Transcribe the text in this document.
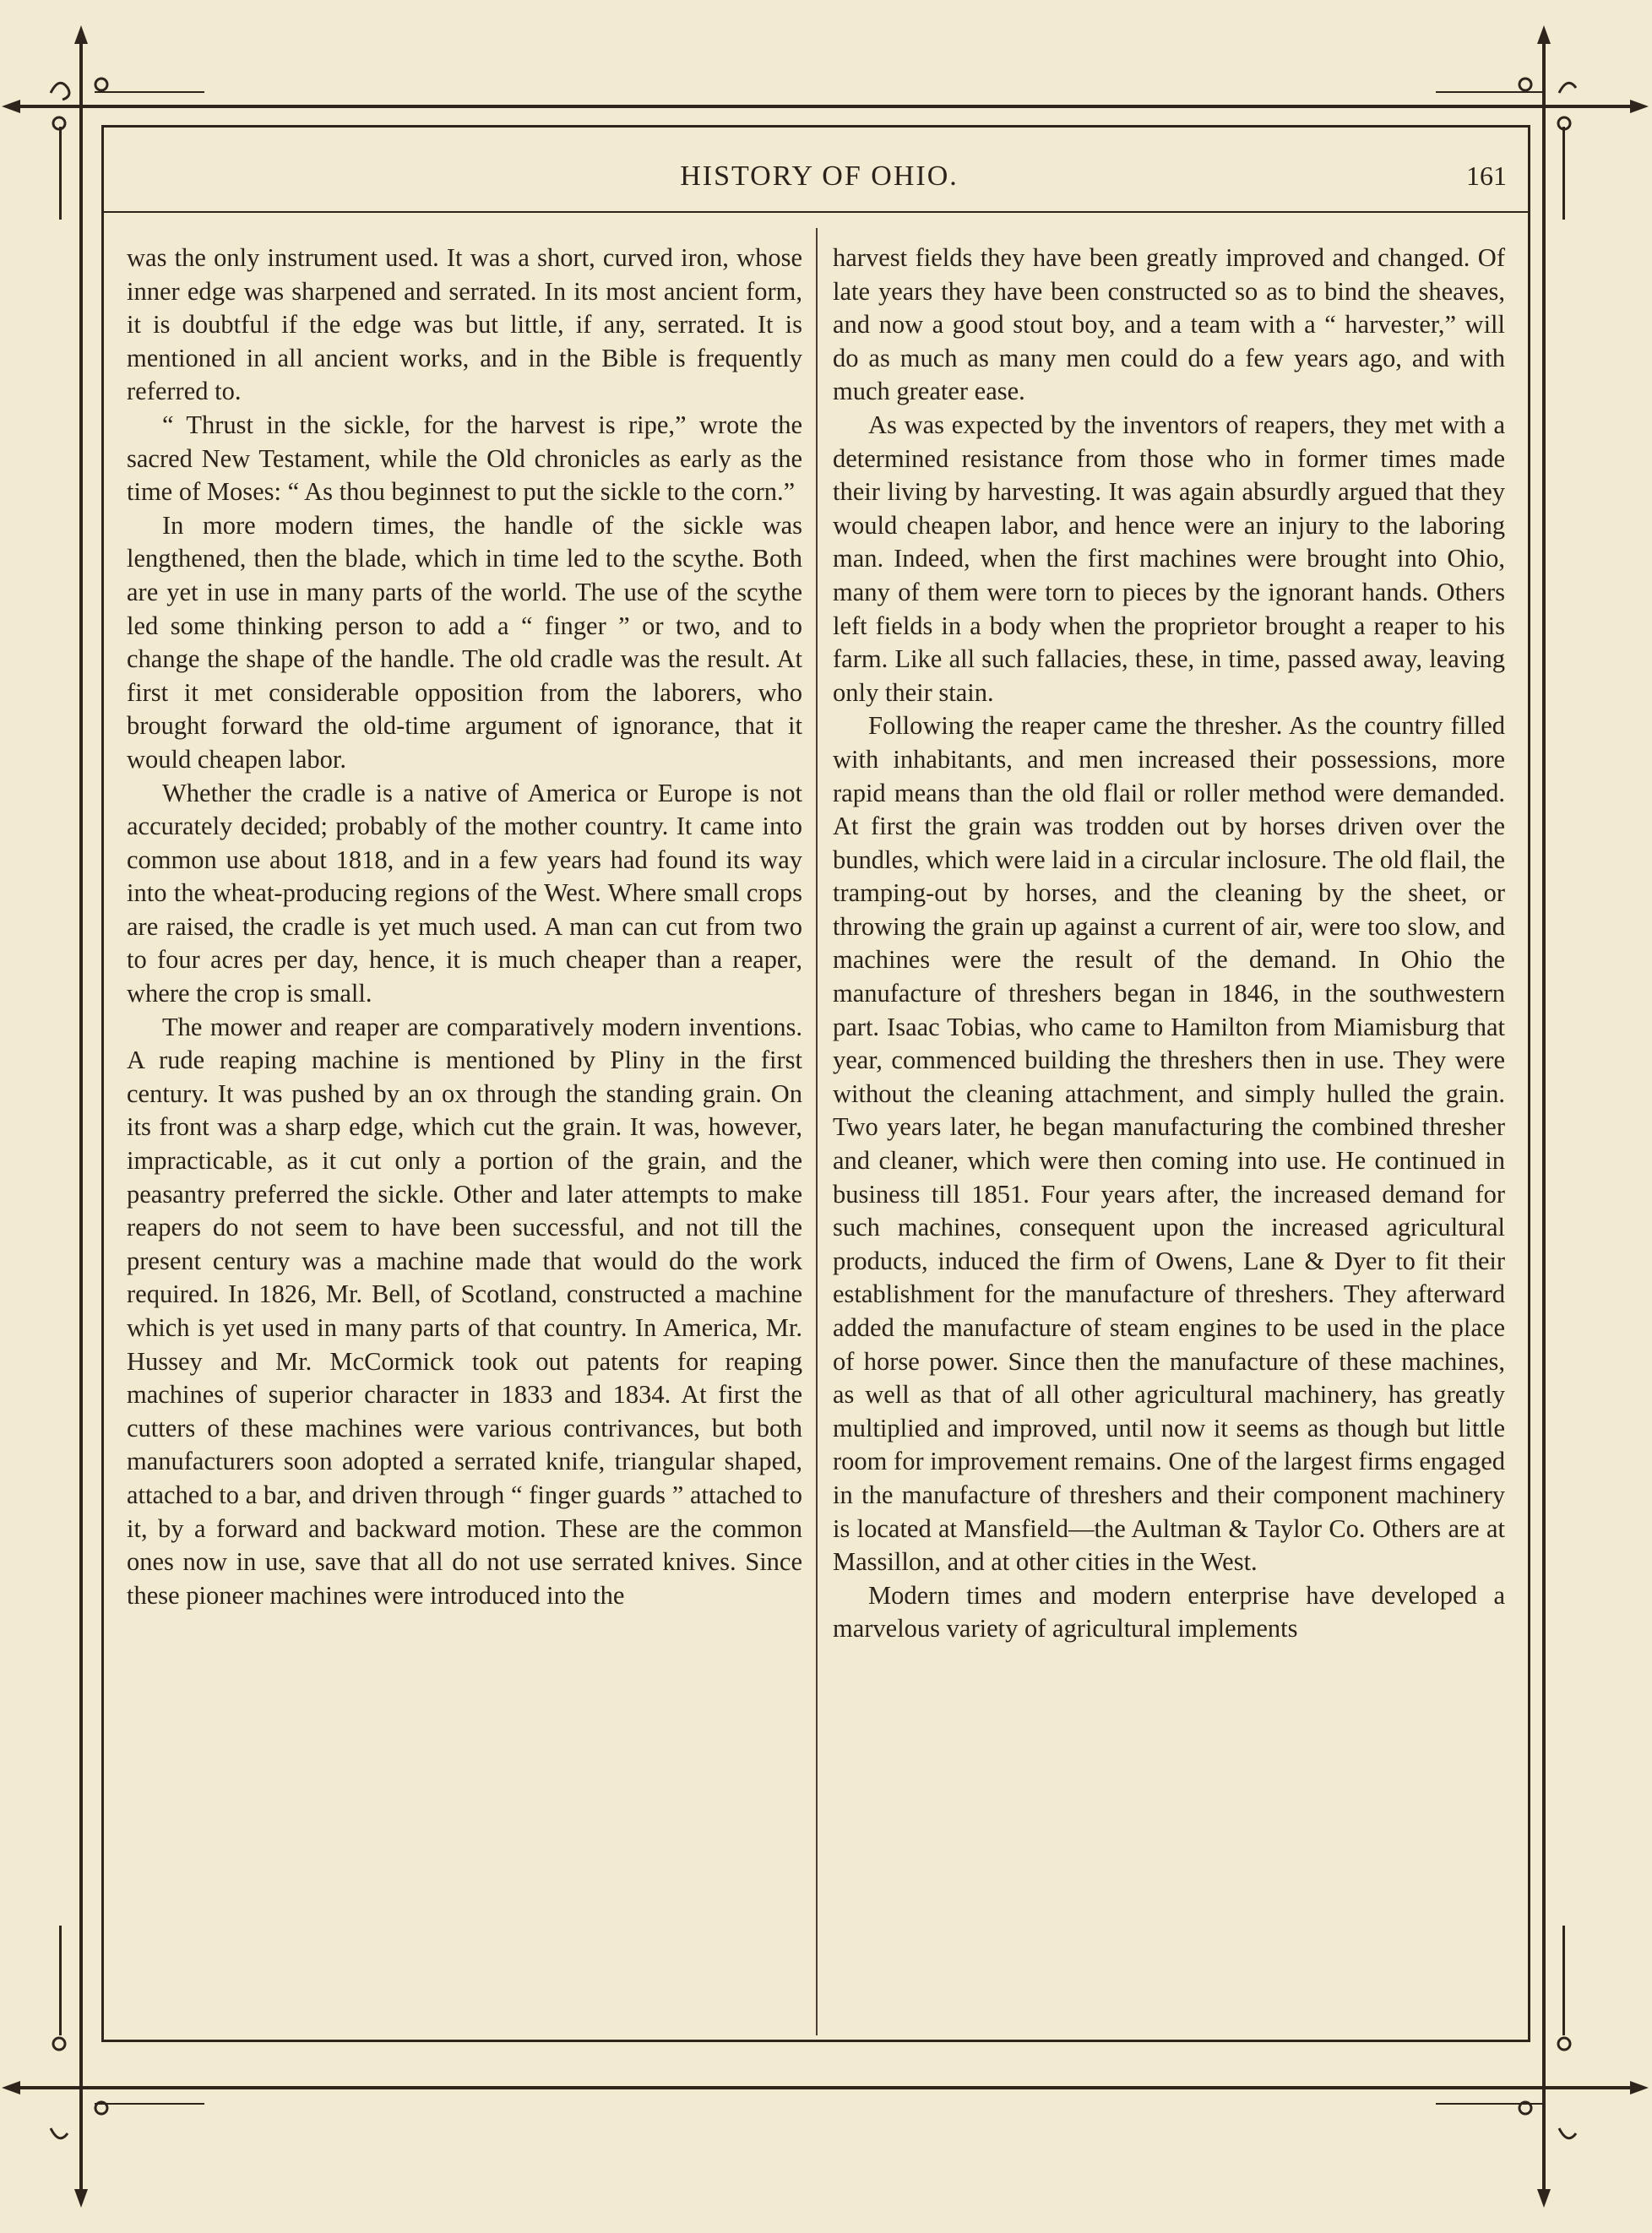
HISTORY OF OHIO.	161

was the only instrument used. It was a short, curved iron, whose inner edge was sharpened and serrated. In its most ancient form, it is doubtful if the edge was but little, if any, serrated. It is mentioned in all ancient works, and in the Bible is frequently referred to.

“ Thrust in the sickle, for the harvest is ripe,” wrote the sacred New Testament, while the Old chronicles as early as the time of Moses: “ As thou beginnest to put the sickle to the corn.”

In more modern times, the handle of the sickle was lengthened, then the blade, which in time led to the scythe. Both are yet in use in many parts of the world. The use of the scythe led some thinking person to add a “ finger ” or two, and to change the shape of the handle. The old cradle was the result. At first it met considerable opposition from the laborers, who brought forward the old-time argument of ignorance, that it would cheapen labor.

Whether the cradle is a native of America or Europe is not accurately decided; probably of the mother country. It came into common use about 1818, and in a few years had found its way into the wheat-producing regions of the West. Where small crops are raised, the cradle is yet much used. A man can cut from two to four acres per day, hence, it is much cheaper than a reaper, where the crop is small.

The mower and reaper are comparatively modern inventions. A rude reaping machine is mentioned by Pliny in the first century. It was pushed by an ox through the standing grain. On its front was a sharp edge, which cut the grain. It was, however, impracticable, as it cut only a portion of the grain, and the peasantry preferred the sickle. Other and later attempts to make reapers do not seem to have been successful, and not till the present century was a machine made that would do the work required. In 1826, Mr. Bell, of Scotland, constructed a machine which is yet used in many parts of that country. In America, Mr. Hussey and Mr. McCormick took out patents for reaping machines of superior character in 1833 and 1834. At first the cutters of these machines were various contrivances, but both manufacturers soon adopted a serrated knife, triangular shaped, attached to a bar, and driven through “ finger guards ” attached to it, by a forward and backward motion. These are the common ones now in use, save that all do not use serrated knives. Since these pioneer machines were introduced into the

harvest fields they have been greatly improved and changed. Of late years they have been constructed so as to bind the sheaves, and now a good stout boy, and a team with a “ harvester,” will do as much as many men could do a few years ago, and with much greater ease.

As was expected by the inventors of reapers, they met with a determined resistance from those who in former times made their living by harvesting. It was again absurdly argued that they would cheapen labor, and hence were an injury to the laboring man. Indeed, when the first machines were brought into Ohio, many of them were torn to pieces by the ignorant hands. Others left fields in a body when the proprietor brought a reaper to his farm. Like all such fallacies, these, in time, passed away, leaving only their stain.

Following the reaper came the thresher. As the country filled with inhabitants, and men increased their possessions, more rapid means than the old flail or roller method were demanded. At first the grain was trodden out by horses driven over the bundles, which were laid in a circular inclosure. The old flail, the tramping-out by horses, and the cleaning by the sheet, or throwing the grain up against a current of air, were too slow, and machines were the result of the demand. In Ohio the manufacture of threshers began in 1846, in the southwestern part. Isaac Tobias, who came to Hamilton from Miamisburg that year, commenced building the threshers then in use. They were without the cleaning attachment, and simply hulled the grain. Two years later, he began manufacturing the combined thresher and cleaner, which were then coming into use. He continued in business till 1851. Four years after, the increased demand for such machines, consequent upon the increased agricultural products, induced the firm of Owens, Lane & Dyer to fit their establishment for the manufacture of threshers. They afterward added the manufacture of steam engines to be used in the place of horse power. Since then the manufacture of these machines, as well as that of all other agricultural machinery, has greatly multiplied and improved, until now it seems as though but little room for improvement remains. One of the largest firms engaged in the manufacture of threshers and their component machinery is located at Mansfield—the Aultman & Taylor Co. Others are at Massillon, and at other cities in the West.

Modern times and modern enterprise have developed a marvelous variety of agricultural implements
